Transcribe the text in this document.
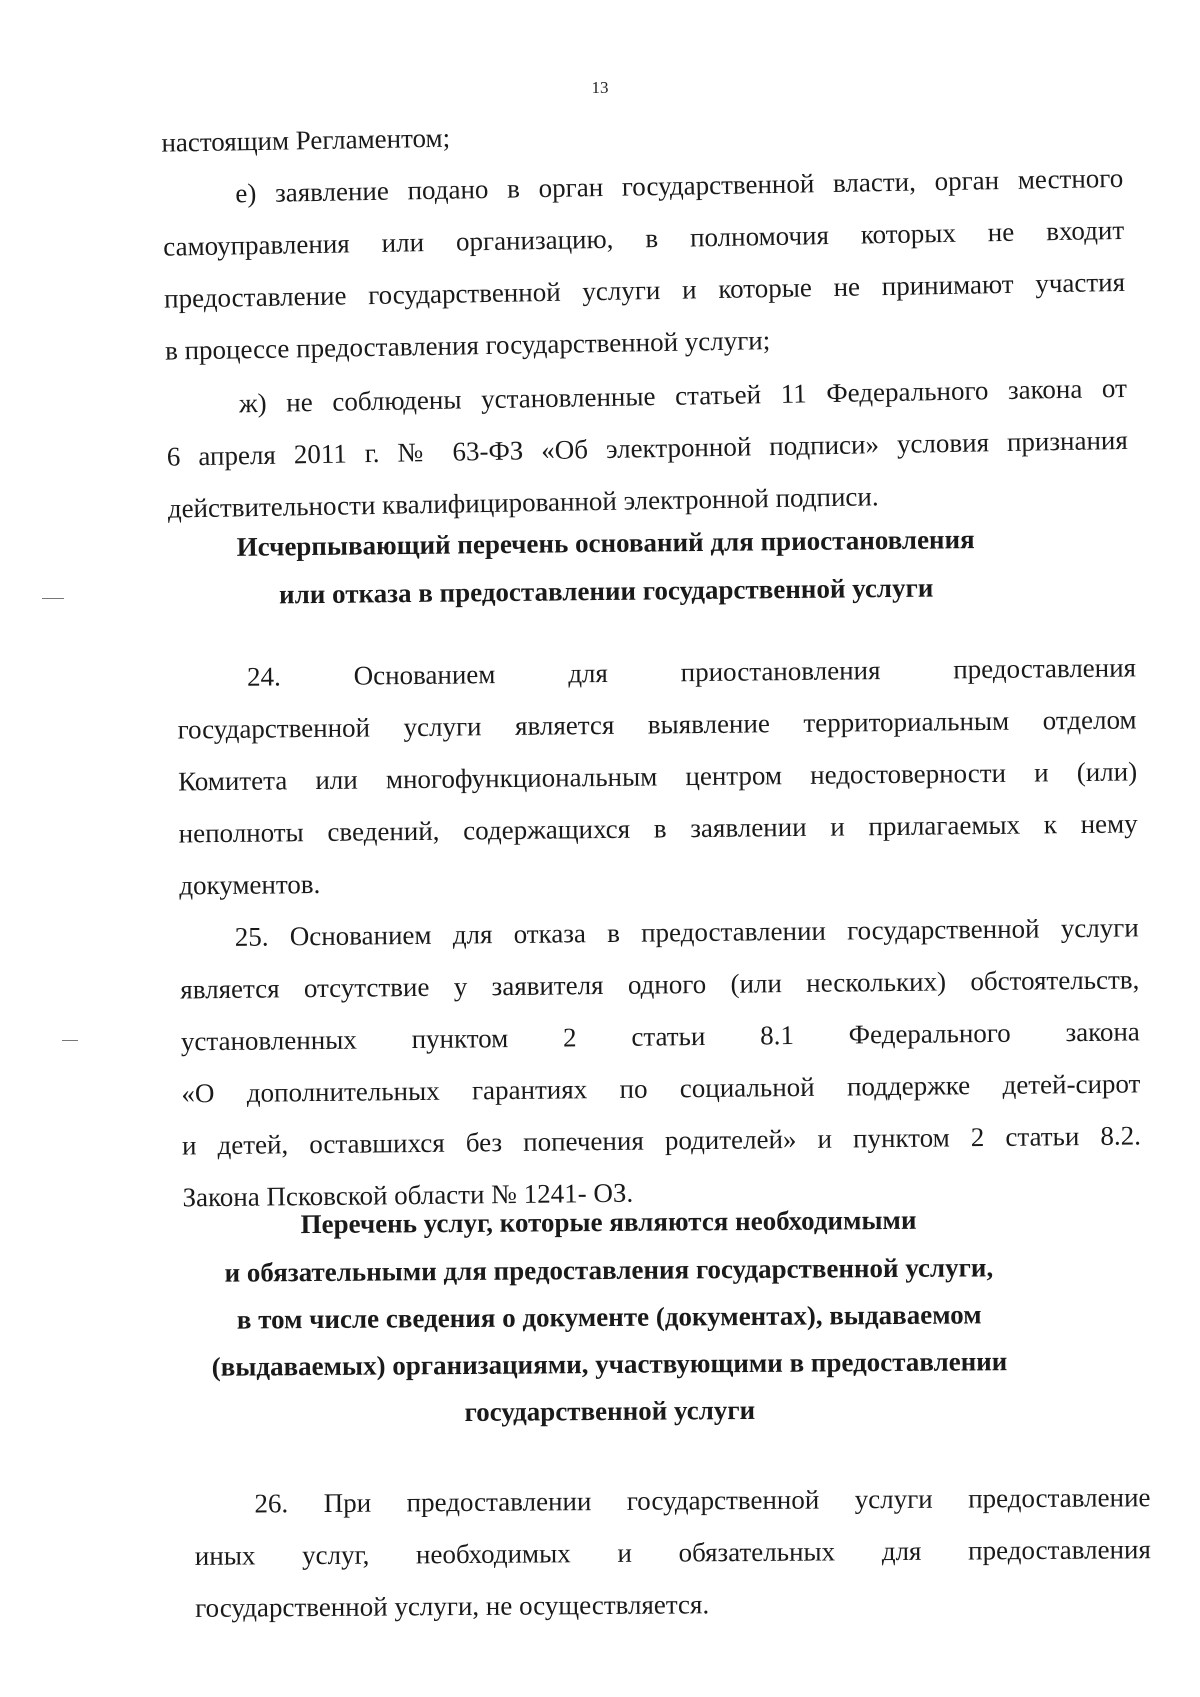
13
настоящим Регламентом;
е) заявление подано в орган государственной власти, орган местного
самоуправления или организацию, в полномочия которых не входит
предоставление государственной услуги и которые не принимают участия
в процессе предоставления государственной услуги;
ж) не соблюдены установленные статьей 11 Федерального закона от
6 апреля 2011 г. № 63-ФЗ «Об электронной подписи» условия признания
действительности квалифицированной электронной подписи.
Исчерпывающий перечень оснований для приостановления
или отказа в предоставлении государственной услуги
24. Основанием для приостановления предоставления
государственной услуги является выявление территориальным отделом
Комитета или многофункциональным центром недостоверности и (или)
неполноты сведений, содержащихся в заявлении и прилагаемых к нему
документов.
25. Основанием для отказа в предоставлении государственной услуги
является отсутствие у заявителя одного (или нескольких) обстоятельств,
установленных пунктом 2 статьи 8.1 Федерального закона
«О дополнительных гарантиях по социальной поддержке детей-сирот
и детей, оставшихся без попечения родителей» и пунктом 2 статьи 8.2.
Закона Псковской области № 1241- ОЗ.
Перечень услуг, которые являются необходимыми
и обязательными для предоставления государственной услуги,
в том числе сведения о документе (документах), выдаваемом
(выдаваемых) организациями, участвующими в предоставлении
государственной услуги
26. При предоставлении государственной услуги предоставление
иных услуг, необходимых и обязательных для предоставления
государственной услуги, не осуществляется.
